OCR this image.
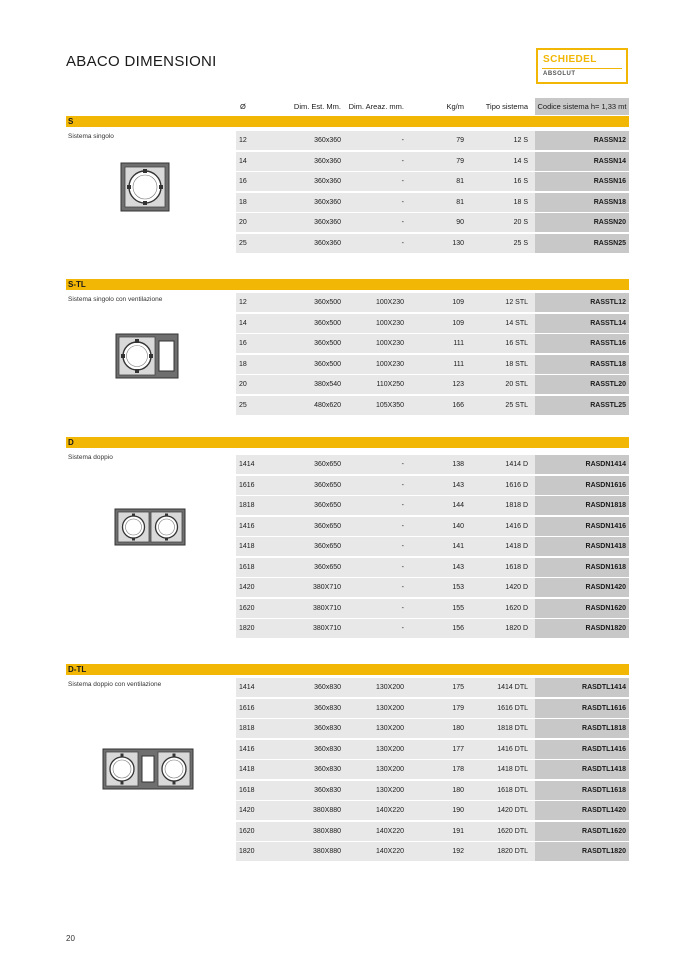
ABACO DIMENSIONI	SCHIEDEL
ABSOLUT
Ø	Dim. Est. Mm.	Dim. Areaz. mm.	Kg/m	Tipo sistema	Codice sistema h= 1,33 mt
S
Sistema singolo
12	360x360	-	79	12 S	RASSN12
14	360x360	-	79	14 S	RASSN14
16	360x360	-	81	16 S	RASSN16
18	360x360	-	81	18 S	RASSN18
20	360x360	-	90	20 S	RASSN20
25	360x360	-	130	25 S	RASSN25
S-TL
Sistema singolo con ventilazione	12	360x500	100X230	109	12 STL	RASSTL12
14	360x500	100X230	109	14 STL	RASSTL14
16	360x500	100X230	111	16 STL	RASSTL16
18	360x500	100X230	111	18 STL	RASSTL18
20	380x540	110X250	123	20 STL	RASSTL20
25	480x620	105X350	166	25 STL	RASSTL25
D
Sistema doppio
1414	360x650	-	138	1414 D	RASDN1414
1616	360x650	-	143	1616 D	RASDN1616
1818	360x650	-	144	1818 D	RASDN1818
1416	360x650	-	140	1416 D	RASDN1416
1418	360x650	-	141	1418 D	RASDN1418
1618	360x650	-	143	1618 D	RASDN1618
1420	380X710	-	153	1420 D	RASDN1420
1620	380X710	-	155	1620 D	RASDN1620
1820	380X710	-	156	1820 D	RASDN1820
D-TL
Sistema doppio con ventilazione	1414	360x830	130X200	175	1414 DTL	RASDTL1414
1616	360x830	130X200	179	1616 DTL	RASDTL1616
1818	360x830	130X200	180	1818 DTL	RASDTL1818
1416	360x830	130X200	177	1416 DTL	RASDTL1416
1418	360x830	130X200	178	1418 DTL	RASDTL1418
1618	360x830	130X200	180	1618 DTL	RASDTL1618
1420	380X880	140X220	190	1420 DTL	RASDTL1420
1620	380X880	140X220	191	1620 DTL	RASDTL1620
1820	380X880	140X220	192	1820 DTL	RASDTL1820
20
